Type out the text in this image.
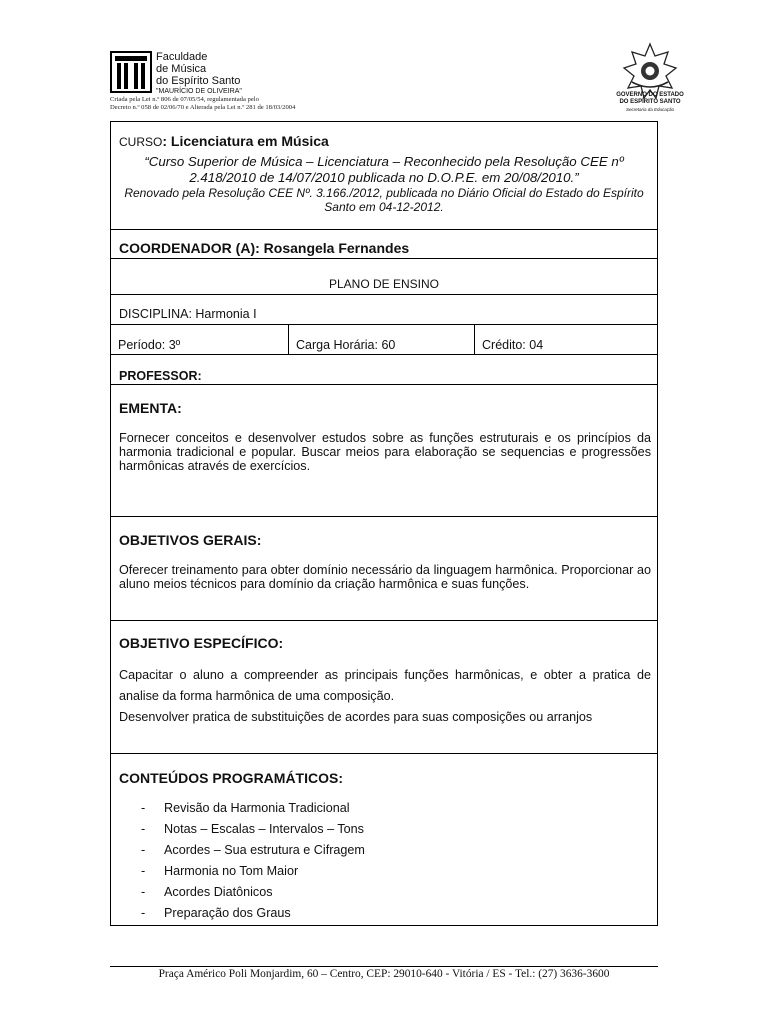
Faculdade
de Música
do Espírito Santo
"MAURÍCIO DE OLIVEIRA"
Criada pela Lei n.º 806 de 07/05/54, regulamentada pelo
Decreto n.º 058 de 02/06/70 e Alterada pela Lei n.º 281 de 18/03/2004
GOVERNO DO ESTADO
DO ESPÍRITO SANTO
Secretaria da Educação
CURSO: Licenciatura em Música
“Curso Superior de Música – Licenciatura – Reconhecido pela Resolução CEE nº 2.418/2010 de 14/07/2010 publicada no D.O.P.E. em 20/08/2010.”
Renovado pela Resolução CEE Nº. 3.166./2012, publicada no Diário Oficial do Estado do Espírito Santo em 04-12-2012.
COORDENADOR (A): Rosangela Fernandes
PLANO DE ENSINO
DISCIPLINA: Harmonia I
Período: 3º	Carga Horária: 60	Crédito: 04
PROFESSOR:
EMENTA:
Fornecer conceitos e desenvolver estudos sobre as funções estruturais e os princípios da harmonia tradicional e popular. Buscar meios para elaboração se sequencias e progressões harmônicas através de exercícios.
OBJETIVOS GERAIS:
Oferecer treinamento para obter domínio necessário da linguagem harmônica. Proporcionar ao aluno meios técnicos para domínio da criação harmônica e suas funções.
OBJETIVO ESPECÍFICO:
Capacitar o aluno a compreender as principais funções harmônicas, e obter a pratica de analise da forma harmônica de uma composição.
Desenvolver pratica de substituições de acordes para suas composições ou arranjos
CONTEÚDOS PROGRAMÁTICOS:
- Revisão da Harmonia Tradicional
- Notas – Escalas – Intervalos – Tons
- Acordes – Sua estrutura e Cifragem
- Harmonia no Tom Maior
- Acordes Diatônicos
- Preparação dos Graus
Praça Américo Poli Monjardim, 60 – Centro, CEP: 29010-640 - Vitória / ES - Tel.: (27) 3636-3600
